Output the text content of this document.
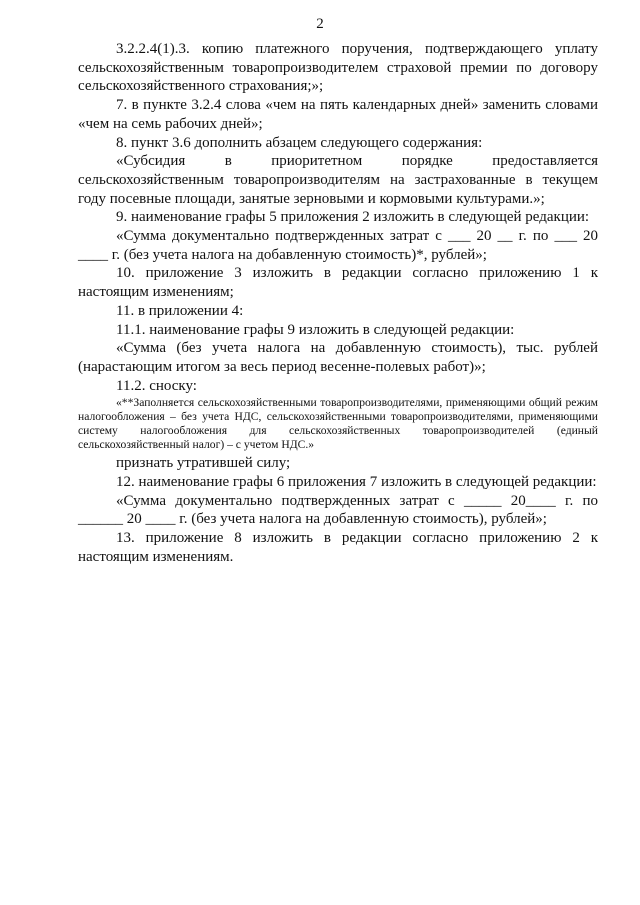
2

3.2.2.4(1).3. копию платежного поручения, подтверждающего уплату сельскохозяйственным товаропроизводителем страховой премии по договору сельскохозяйственного страхования;»;

7. в пункте 3.2.4 слова «чем на пять календарных дней» заменить словами «чем на семь рабочих дней»;

8. пункт 3.6 дополнить абзацем следующего содержания:

«Субсидия в приоритетном порядке предоставляется сельскохозяйственным товаропроизводителям на застрахованные в текущем году посевные площади, занятые зерновыми и кормовыми культурами.»;

9. наименование графы 5 приложения 2 изложить в следующей редакции:

«Сумма документально подтвержденных затрат с ___ 20 __ г. по ___ 20 ____ г. (без учета налога на добавленную стоимость)*, рублей»;

10. приложение 3 изложить в редакции согласно приложению 1 к настоящим изменениям;

11. в приложении 4:

11.1. наименование графы 9 изложить в следующей редакции:

«Сумма (без учета налога на добавленную стоимость), тыс. рублей (нарастающим итогом за весь период весенне-полевых работ)»;

11.2. сноску:

«**Заполняется сельскохозяйственными товаропроизводителями, применяющими общий режим налогообложения – без учета НДС, сельскохозяйственными товаропроизводителями, применяющими систему налогообложения для сельскохозяйственных товаропроизводителей (единый сельскохозяйственный налог) – с учетом НДС.»

признать утратившей силу;

12. наименование графы 6 приложения 7 изложить в следующей редакции:

«Сумма документально подтвержденных затрат с _____ 20____ г. по ______ 20 ____ г. (без учета налога на добавленную стоимость), рублей»;

13. приложение 8 изложить в редакции согласно приложению 2 к настоящим изменениям.
